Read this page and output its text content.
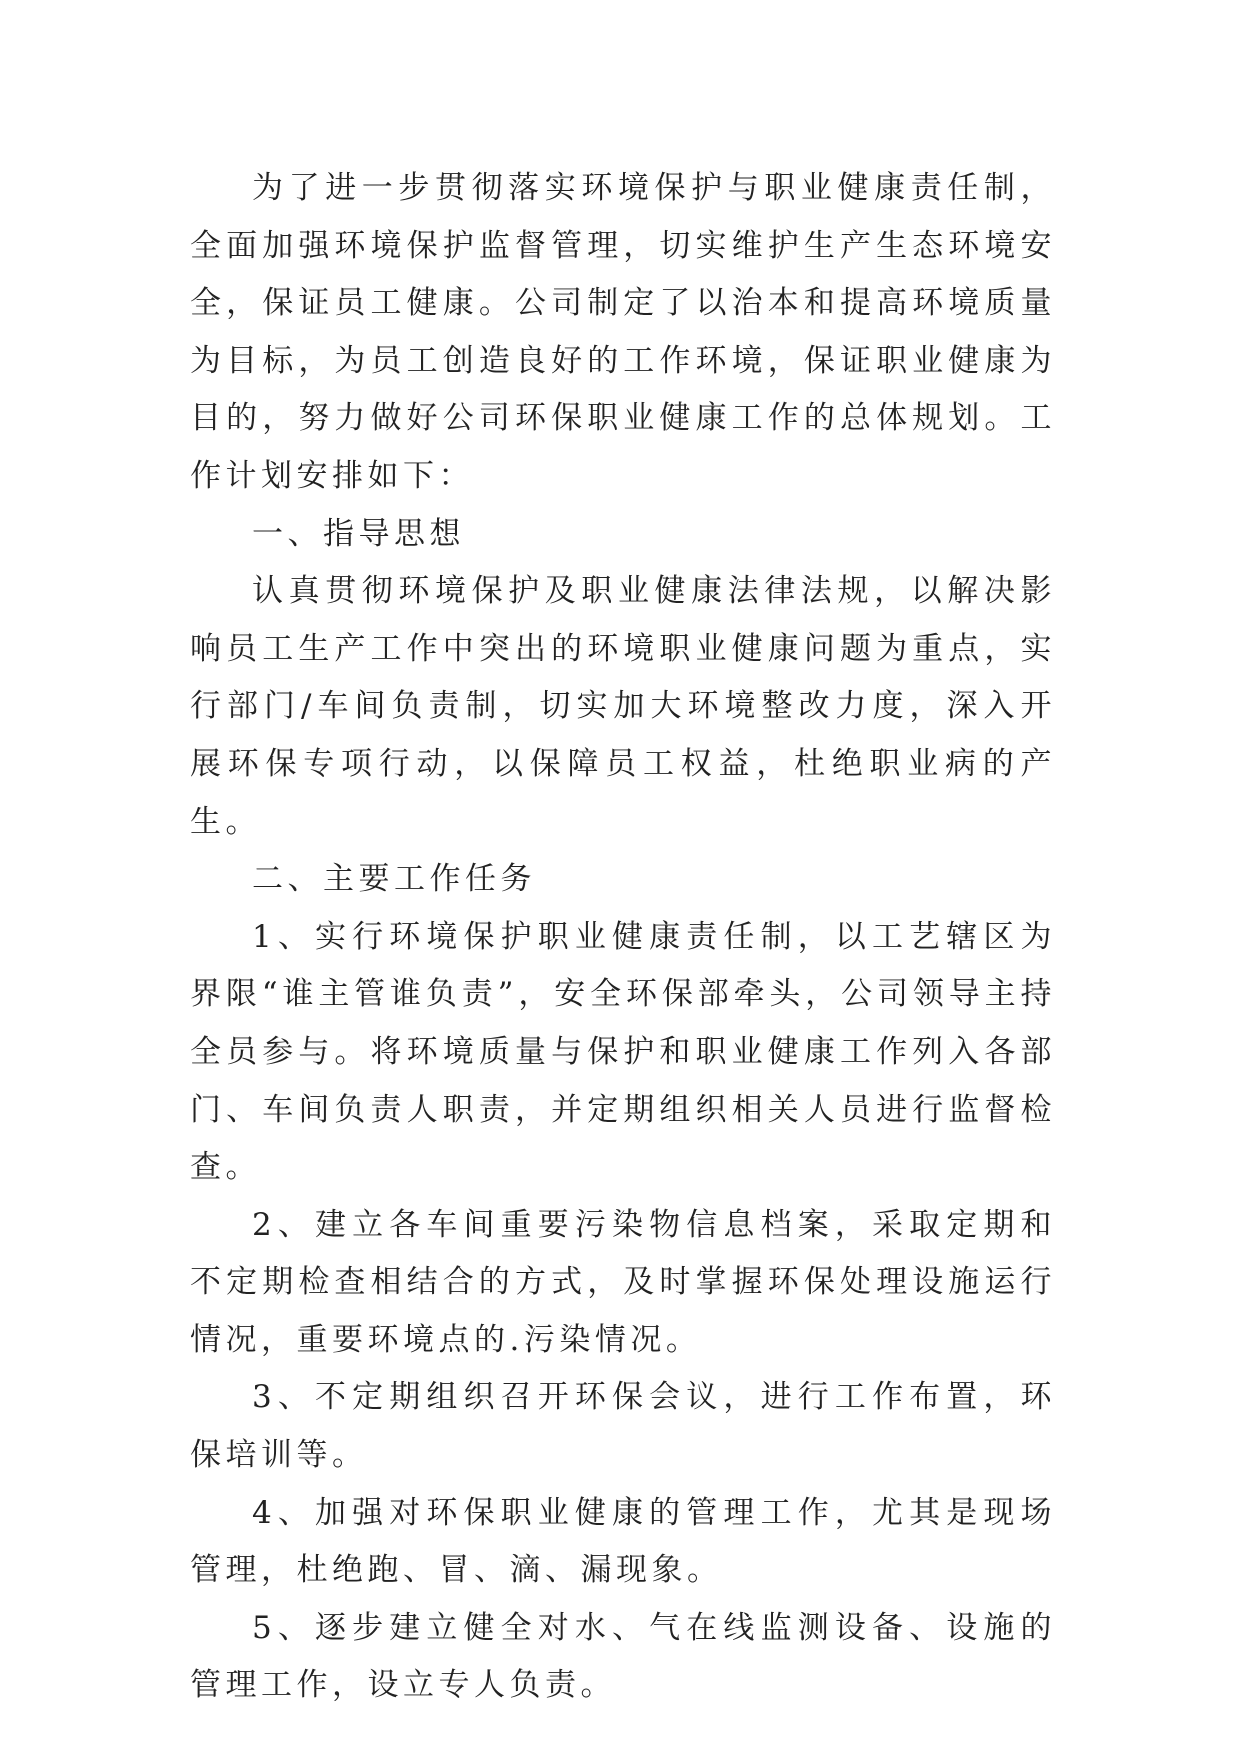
为了进一步贯彻落实环境保护与职业健康责任制，全面加强环境保护监督管理，切实维护生产生态环境安全，保证员工健康。公司制定了以治本和提高环境质量为目标，为员工创造良好的工作环境，保证职业健康为目的，努力做好公司环保职业健康工作的总体规划。工作计划安排如下：

一、指导思想

认真贯彻环境保护及职业健康法律法规，以解决影响员工生产工作中突出的环境职业健康问题为重点，实行部门/车间负责制，切实加大环境整改力度，深入开展环保专项行动，以保障员工权益，杜绝职业病的产生。

二、主要工作任务

1、实行环境保护职业健康责任制，以工艺辖区为界限“谁主管谁负责”，安全环保部牵头，公司领导主持全员参与。将环境质量与保护和职业健康工作列入各部门、车间负责人职责，并定期组织相关人员进行监督检查。

2、建立各车间重要污染物信息档案，采取定期和不定期检查相结合的方式，及时掌握环保处理设施运行情况，重要环境点的.污染情况。

3、不定期组织召开环保会议，进行工作布置，环保培训等。

4、加强对环保职业健康的管理工作，尤其是现场管理，杜绝跑、冒、滴、漏现象。

5、逐步建立健全对水、气在线监测设备、设施的管理工作，设立专人负责。
